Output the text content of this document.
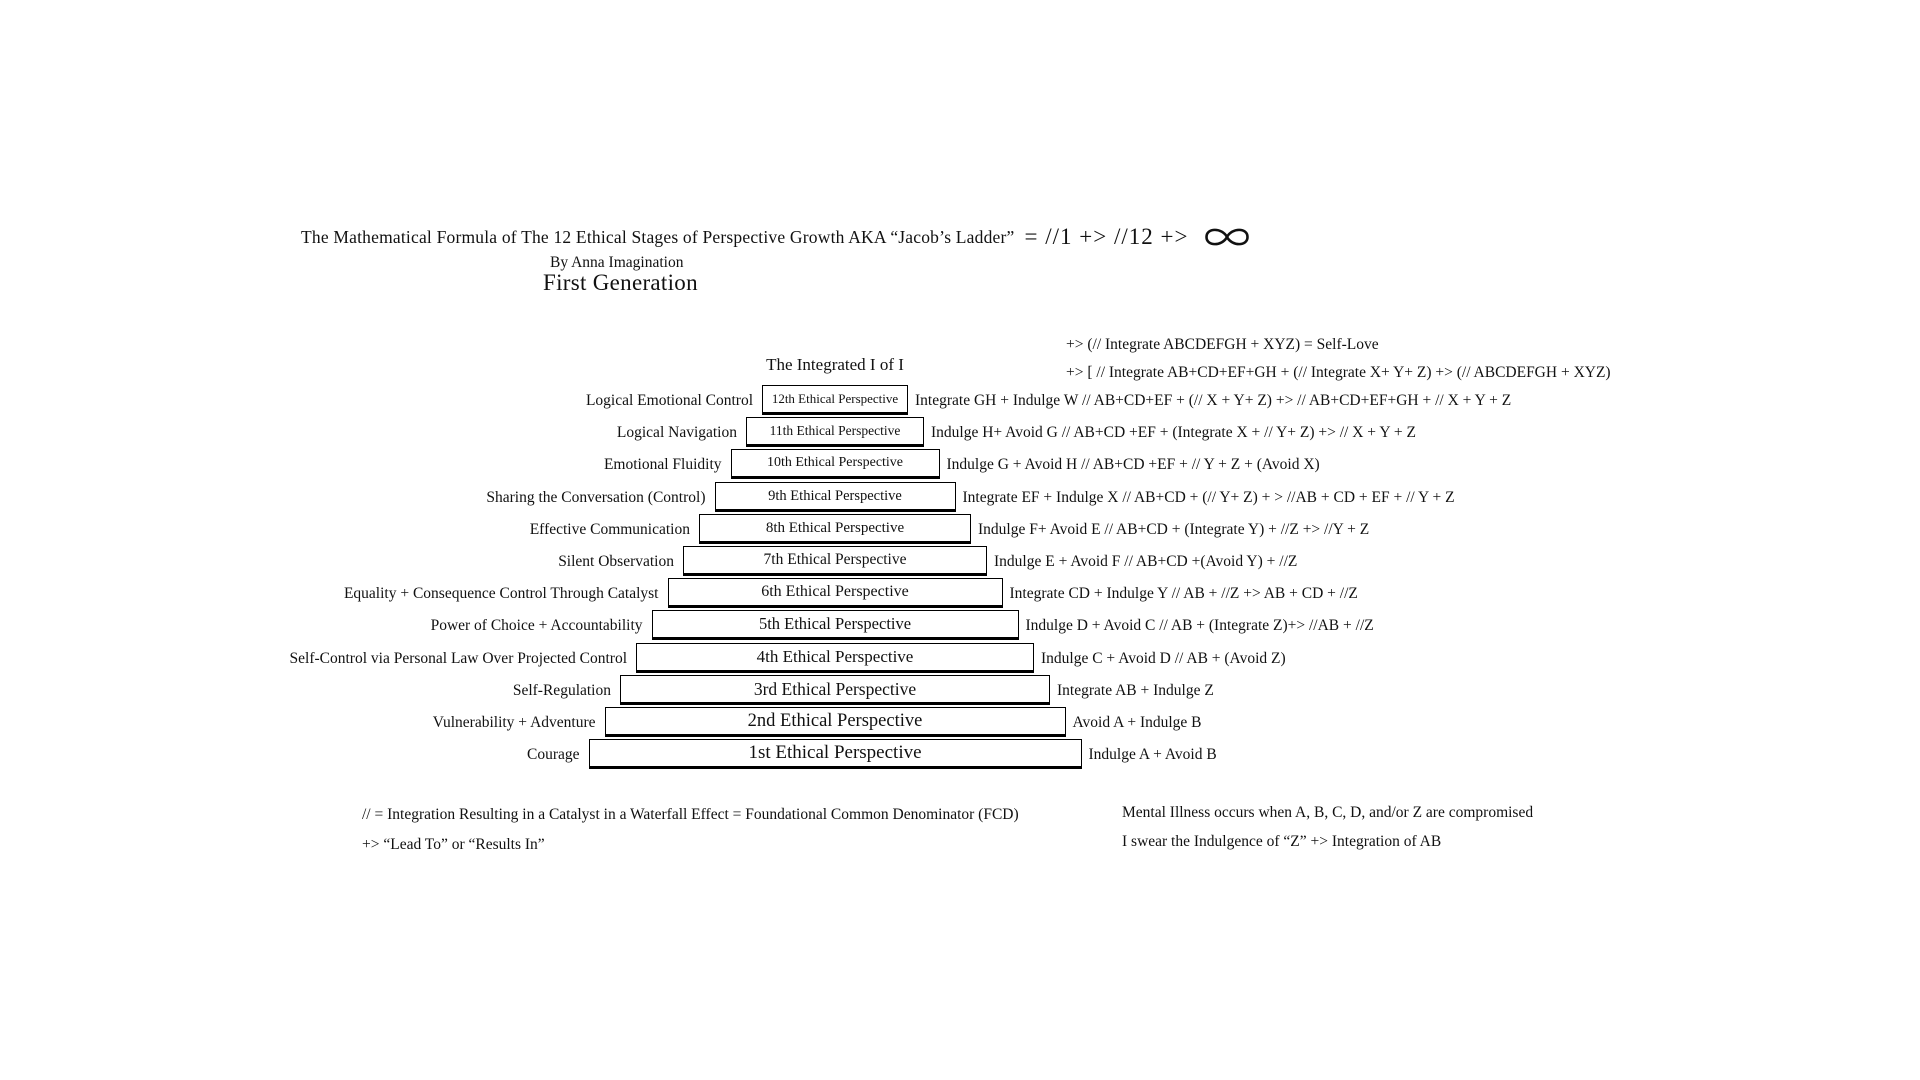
The Mathematical Formula of The 12 Ethical Stages of Perspective Growth AKA “Jacob’s Ladder” = //1 +> //12 +>
By Anna Imagination
First Generation
The Integrated I of I
+> (// Integrate ABCDEFGH + XYZ) = Self-Love
+> [ // Integrate AB+CD+EF+GH + (// Integrate X+ Y+ Z) +> (// ABCDEFGH + XYZ)
Logical Emotional Control	12th Ethical Perspective	Integrate GH + Indulge W // AB+CD+EF + (// X + Y+ Z) +> // AB+CD+EF+GH + // X + Y + Z
Logical Navigation	11th Ethical Perspective	Indulge H+ Avoid G // AB+CD +EF + (Integrate X + // Y+ Z) +> // X + Y + Z
Emotional Fluidity	10th Ethical Perspective	Indulge G + Avoid H // AB+CD +EF + // Y + Z + (Avoid X)
Sharing the Conversation (Control)	9th Ethical Perspective	Integrate EF + Indulge X // AB+CD + (// Y+ Z) + > //AB + CD + EF + // Y + Z
Effective Communication	8th Ethical Perspective	Indulge F+ Avoid E // AB+CD + (Integrate Y) + //Z +> //Y + Z
Silent Observation	7th Ethical Perspective	Indulge E + Avoid F // AB+CD +(Avoid Y) + //Z
Equality + Consequence Control Through Catalyst	6th Ethical Perspective	Integrate CD + Indulge Y // AB + //Z +> AB + CD + //Z
Power of Choice + Accountability	5th Ethical Perspective	Indulge D + Avoid C // AB + (Integrate Z)+> //AB + //Z
Self-Control via Personal Law Over Projected Control	4th Ethical Perspective	Indulge C + Avoid D // AB + (Avoid Z)
Self-Regulation	3rd Ethical Perspective	Integrate AB + Indulge Z
Vulnerability + Adventure	2nd Ethical Perspective	Avoid A + Indulge B
Courage	1st Ethical Perspective	Indulge A + Avoid B
// = Integration Resulting in a Catalyst in a Waterfall Effect = Foundational Common Denominator (FCD)
+> “Lead To” or “Results In”
Mental Illness occurs when A, B, C, D, and/or Z are compromised
I swear the Indulgence of “Z” +> Integration of AB
